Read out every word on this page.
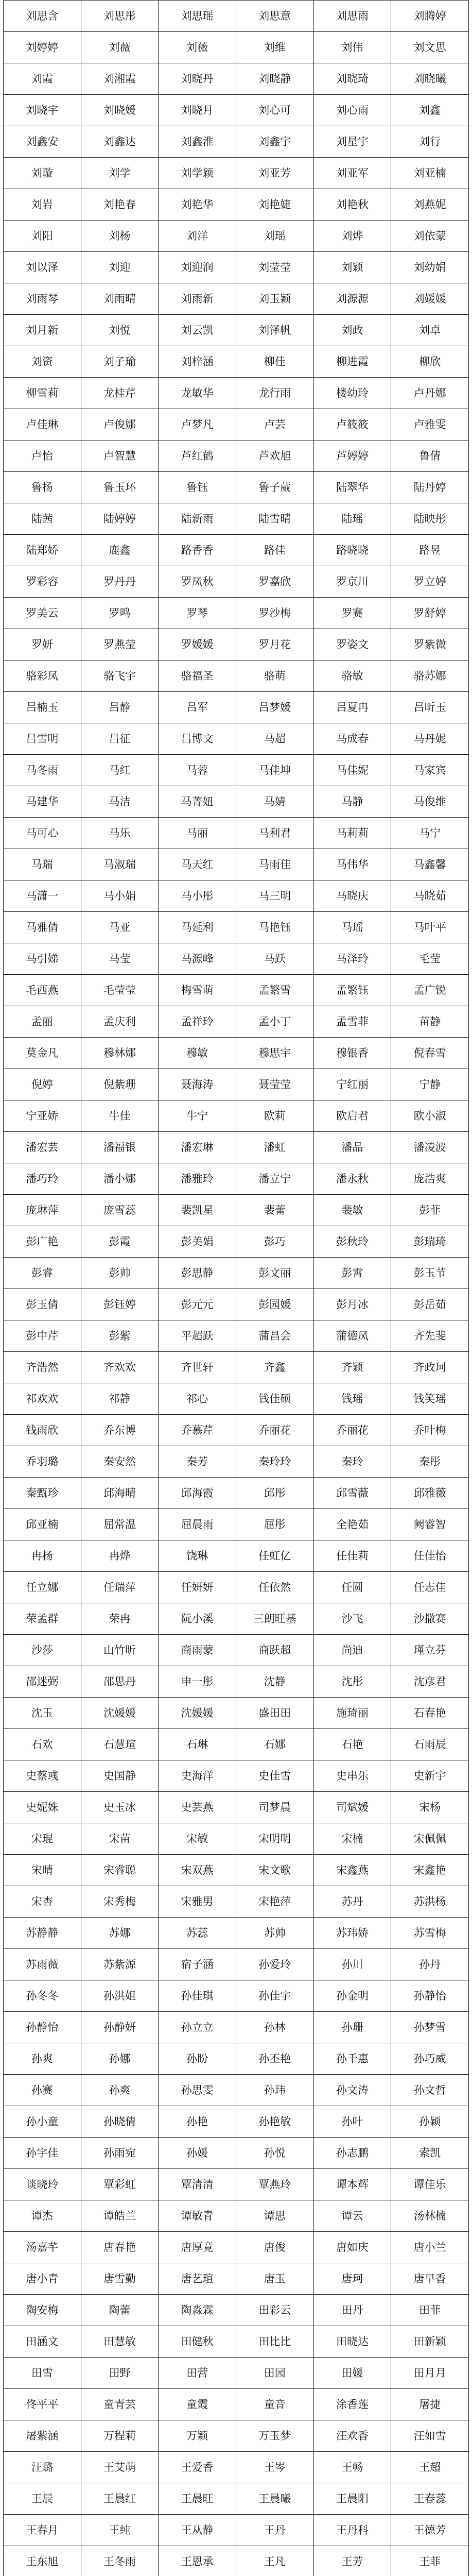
刘思含	刘思彤	刘思瑶	刘思意	刘思雨	刘腾婷
刘婷婷	刘薇	刘薇	刘维	刘伟	刘文思
刘霞	刘湘霞	刘晓丹	刘晓静	刘晓琦	刘晓曦
刘晓宇	刘晓媛	刘晓月	刘心可	刘心雨	刘鑫
刘鑫安	刘鑫达	刘鑫淮	刘鑫宇	刘星宇	刘行
刘璇	刘学	刘学颖	刘亚芳	刘亚军	刘亚楠
刘岩	刘艳春	刘艳华	刘艳婕	刘艳秋	刘燕妮
刘阳	刘杨	刘洋	刘瑶	刘烨	刘依蒙
刘以泽	刘迎	刘迎润	刘莹莹	刘颖	刘幼娟
刘雨琴	刘雨晴	刘雨新	刘玉颖	刘源源	刘媛媛
刘月新	刘悦	刘云凯	刘泽帆	刘政	刘卓
刘资	刘子瑜	刘梓涵	柳佳	柳进霞	柳欣
柳雪莉	龙桂芹	龙敏华	龙行雨	楼幼玲	卢丹娜
卢佳琳	卢俊娜	卢梦凡	卢芸	卢筱筱	卢雅雯
卢怡	卢智慧	芦红鹤	芦欢旭	芦婷婷	鲁倩
鲁杨	鲁玉环	鲁钰	鲁子葳	陆翠华	陆丹婷
陆茜	陆婷婷	陆新雨	陆雪晴	陆瑶	陆映彤
陆郑娇	鹿鑫	路香香	路佳	路晓晓	路昱
罗彩容	罗丹丹	罗凤秋	罗嘉欣	罗京川	罗立婷
罗美云	罗鸣	罗琴	罗沙梅	罗赛	罗舒婷
罗妍	罗燕莹	罗媛媛	罗月花	罗姿文	罗紫微
骆彩凤	骆飞宇	骆福圣	骆萌	骆敏	骆苏娜
吕楠玉	吕静	吕军	吕梦媛	吕夏冉	吕昕玉
吕雪明	吕征	吕博文	马超	马成春	马丹妮
马冬雨	马红	马蓉	马佳坤	马佳妮	马家宾
马建华	马洁	马菁妞	马婧	马静	马俊维
马可心	马乐	马丽	马利君	马莉莉	马宁
马瑞	马淑瑞	马天红	马雨佳	马伟华	马鑫馨
马潇一	马小娟	马小彤	马三明	马晓庆	马晓茹
马雅倩	马亚	马延利	马艳钰	马瑶	马叶平
马引娣	马莹	马源峰	马跃	马泽玲	毛莹
毛西燕	毛莹莹	梅雪萌	孟繁雪	孟繁钰	孟广锐
孟丽	孟庆利	孟祥玲	孟小丁	孟雪菲	苗静
莫金凡	穆林娜	穆敏	穆思宇	穆银香	倪春雪
倪婷	倪紫珊	聂海涛	聂莹莹	宁红丽	宁静
宁亚娇	牛佳	牛宁	欧莉	欧启君	欧小淑
潘宏芸	潘福银	潘宏琳	潘虹	潘晶	潘凌波
潘巧玲	潘小娜	潘雅玲	潘立宁	潘永秋	庞浩爽
庞琳萍	庞雪蕊	裴凯星	裴蕾	裴敏	彭菲
彭广艳	彭霞	彭美娟	彭巧	彭秋玲	彭瑞琦
彭睿	彭帅	彭思静	彭文丽	彭霄	彭玉节
彭玉倩	彭钰婷	彭元元	彭园媛	彭月冰	彭岳茹
彭中芹	彭紫	平超跃	蒲昌会	蒲德凤	齐先斐
齐浩然	齐欢欢	齐世轩	齐鑫	齐颖	齐政珂
祁欢欢	祁静	祁心	钱佳硕	钱瑶	钱笑瑶
钱雨欣	乔东博	乔慕芹	乔丽花	乔丽花	乔叶梅
乔羽璐	秦安然	秦芳	秦玲玲	秦玲	秦彤
秦甄珍	邱海晴	邱海霞	邱彤	邱雪薇	邱雅薇
邱亚楠	屈常温	屈晨雨	屈彤	全艳茹	阙睿智
冉杨	冉烨	饶琳	任虹亿	任佳莉	任佳怡
任立娜	任瑞萍	任妍妍	任依然	任圆	任志佳
荣孟群	荣冉	阮小溪	三朗旺基	沙飞	沙撒赛
沙莎	山竹昕	商雨蒙	商跃超	尚迪	瑾立芬
邵迷弼	邵思丹	申一彤	沈静	沈彤	沈彦君
沈玉	沈媛媛	沈媛媛	盛田田	施琦丽	石春艳
石欢	石慧瑄	石琳	石娜	石艳	石雨辰
史蔡彧	史国静	史海洋	史佳雪	史串乐	史新宇
史妮姝	史玉冰	史芸燕	司梦晨	司斌媛	宋杨
宋琨	宋苗	宋敏	宋明明	宋楠	宋佩佩
宋晴	宋睿聪	宋双燕	宋文歌	宋鑫燕	宋鑫艳
宋杏	宋秀梅	宋雅男	宋艳萍	苏丹	苏洪杨
苏静静	苏娜	苏蕊	苏帅	苏玮娇	苏雪梅
苏雨薇	苏紫源	宿子涵	孙爱玲	孙川	孙丹
孙冬冬	孙洪姐	孙佳琪	孙佳宇	孙金明	孙静怡
孙静怡	孙静妍	孙立立	孙林	孙珊	孙梦雪
孙爽	孙娜	孙盼	孙丕艳	孙千惠	孙巧威
孙赛	孙爽	孙思雯	孙玮	孙文涛	孙文哲
孙小童	孙晓倩	孙艳	孙艳敏	孙叶	孙颖
孙宇佳	孙雨宛	孙媛	孙悦	孙志鹏	索凯
谈晓玲	覃彩虹	覃清清	覃燕玲	谭本辉	谭佳乐
谭杰	谭皓兰	谭敏青	谭思	谭云	汤林楠
汤嘉芊	唐春艳	唐厚竟	唐俊	唐如庆	唐小兰
唐小青	唐雪勤	唐艺瑄	唐玉	唐珂	唐早香
陶安梅	陶蕾	陶淼霖	田彩云	田丹	田菲
田涵文	田慧敏	田健秋	田比比	田晓达	田新颖
田雪	田野	田营	田园	田媛	田月月
佟平平	童青芸	童霞	童音	涂香莲	屠捷
屠紫涵	万程莉	万颖	万玉梦	汪欢香	汪如雪
汪璐	王艾萌	王爱香	王岑	王畅	王超
王辰	王晨红	王晨旺	王晨曦	王晨阳	王春蕊
王春月	王纯	王从静	王丹	王丹科	王德芳
王东旭	王冬雨	王恩承	王凡	王芳	王菲
